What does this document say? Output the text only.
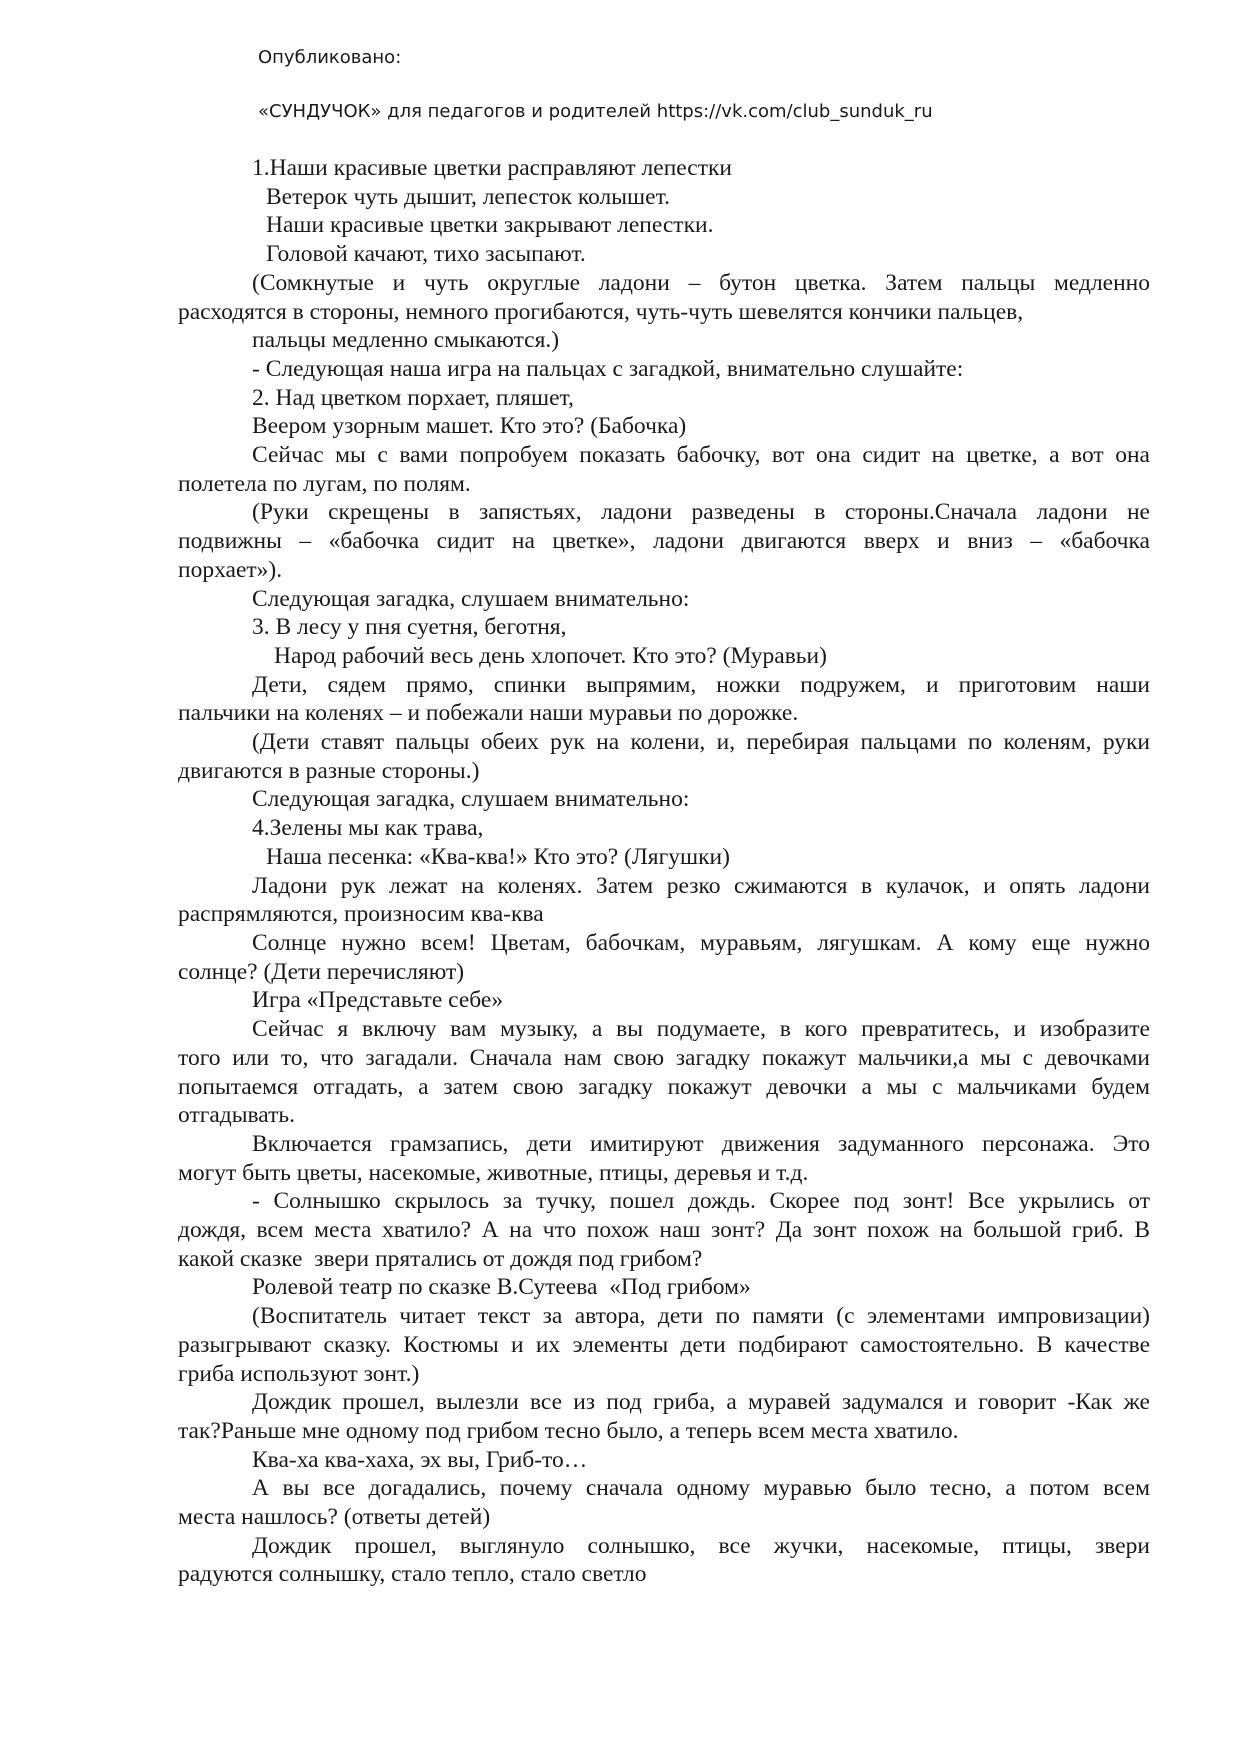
Опубликовано:
«СУНДУЧОК» для педагогов и родителей https://vk.com/club_sunduk_ru
1.Наши красивые цветки расправляют лепестки
Ветерок чуть дышит, лепесток колышет.
Наши красивые цветки закрывают лепестки.
Головой качают, тихо засыпают.
(Сомкнутые и чуть округлые ладони – бутон цветка. Затем пальцы медленно
расходятся в стороны, немного прогибаются, чуть-чуть шевелятся кончики пальцев,
пальцы медленно смыкаются.)
- Следующая наша игра на пальцах с загадкой, внимательно слушайте:
2. Над цветком порхает, пляшет,
Веером узорным машет. Кто это? (Бабочка)
Сейчас мы с вами попробуем показать бабочку, вот она сидит на цветке, а вот она
полетела по лугам, по полям.
(Руки скрещены в запястьях, ладони разведены в стороны.Сначала ладони не
подвижны – «бабочка сидит на цветке», ладони двигаются вверх и вниз – «бабочка
порхает»).
Следующая загадка, слушаем внимательно:
3. В лесу у пня суетня, беготня,
Народ рабочий весь день хлопочет. Кто это? (Муравьи)
Дети, сядем прямо, спинки выпрямим, ножки подружем, и приготовим наши
пальчики на коленях – и побежали наши муравьи по дорожке.
(Дети ставят пальцы обеих рук на колени, и, перебирая пальцами по коленям, руки
двигаются в разные стороны.)
Следующая загадка, слушаем внимательно:
4.Зелены мы как трава,
Наша песенка: «Ква-ква!» Кто это? (Лягушки)
Ладони рук лежат на коленях. Затем резко сжимаются в кулачок, и опять ладони
распрямляются, произносим ква-ква
Солнце нужно всем! Цветам, бабочкам, муравьям, лягушкам. А кому еще нужно
солнце? (Дети перечисляют)
Игра «Представьте себе»
Сейчас я включу вам музыку, а вы подумаете, в кого превратитесь, и изобразите
того или то, что загадали. Сначала нам свою загадку покажут мальчики,а мы с девочками
попытаемся отгадать, а затем свою загадку покажут девочки а мы с мальчиками будем
отгадывать.
Включается грамзапись, дети имитируют движения задуманного персонажа. Это
могут быть цветы, насекомые, животные, птицы, деревья и т.д.
- Солнышко скрылось за тучку, пошел дождь. Скорее под зонт! Все укрылись от
дождя, всем места хватило? А на что похож наш зонт? Да зонт похож на большой гриб. В
какой сказке  звери прятались от дождя под грибом?
Ролевой театр по сказке В.Сутеева  «Под грибом»
(Воспитатель читает текст за автора, дети по памяти (с элементами импровизации)
разыгрывают сказку. Костюмы и их элементы дети подбирают самостоятельно. В качестве
гриба используют зонт.)
Дождик прошел, вылезли все из под гриба, а муравей задумался и говорит -Как же
так?Раньше мне одному под грибом тесно было, а теперь всем места хватило.
Ква-ха ква-хаха, эх вы, Гриб-то…
А вы все догадались, почему сначала одному муравью было тесно, а потом всем
места нашлось? (ответы детей)
Дождик прошел, выглянуло солнышко, все жучки, насекомые, птицы, звери
радуются солнышку, стало тепло, стало светло
